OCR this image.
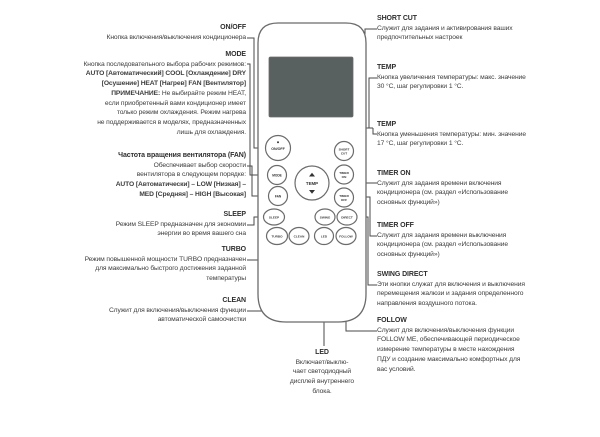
ON/OFF	SHORT
CUT
MODE
TIMER
ON
FAN	TIMER
OFF
TEMP
SLEEP	SWING	DIRECT
TURBO	CLEAN	LED	FOLLOW
ON/OFF
Кнопка включения/выключения кондиционера
MODE
Кнопка последовательного выбора рабочих режимов:
AUTO [Автоматический] COOL [Охлаждение] DRY
[Осушение] HEAT [Нагрев] FAN [Вентилятор]
ПРИМЕЧАНИЕ: Не выбирайте режим HEAT,
если приобретенный вами кондиционер имеет
только режим охлаждения. Режим нагрева
не поддерживается в моделях, предназначенных
лишь для охлаждения.
Частота вращения вентилятора (FAN)
Обеспечивает выбор скорости
вентилятора в следующем порядке:
AUTO [Автоматически] – LOW [Низкая] –
MED [Средняя] – HIGH [Высокая]
SLEEP
Режим SLEEP предназначен для экономии
энергии во время вашего сна
TURBO
Режим повышенной мощности TURBO предназначен
для максимально быстрого достижения заданной
температуры
CLEAN
Служит для включения/выключения функции
автоматической самоочистки
SHORT CUT
Служит для задания и активирования ваших
предпочтительных настроек
TEMP
Кнопка увеличения температуры: макс. значение
30 °C, шаг регулировки 1 °C.
TEMP
Кнопка уменьшения температуры: мин. значение
17 °C, шаг регулировки 1 °C.
TIMER ON
Служит для задания времени включения
кондиционера (см. раздел «Использование
основных функций»)
TIMER OFF
Служит для задания времени выключения
кондиционера (см. раздел «Использование
основных функций»)
SWING DIRECT
Эти кнопки служат для включения и выключения
перемещения жалюзи и задания определенного
направления воздушного потока.
FOLLOW
Служит для включения/выключения функции
FOLLOW ME, обеспечивающей периодическое
измерение температуры в месте нахождения
ПДУ и создание максимально комфортных для
вас условий.
LED
Включает/выклю-
чает светодиодный
дисплей внутреннего
блока.
